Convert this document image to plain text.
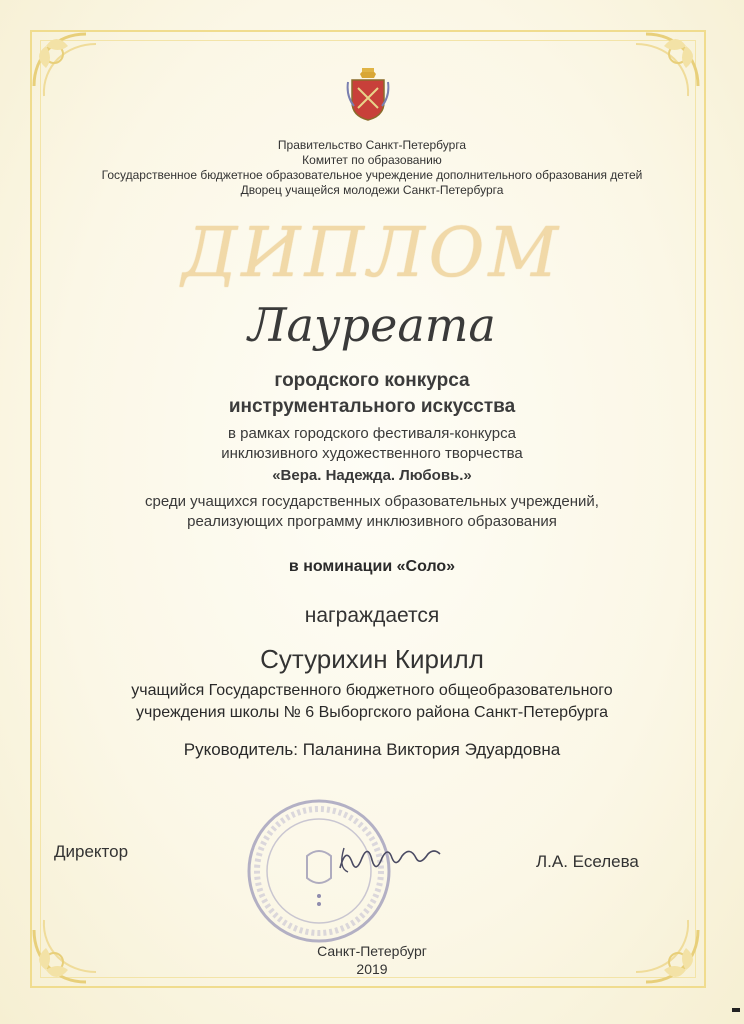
Правительство Санкт-Петербурга
Комитет по образованию
Государственное бюджетное образовательное учреждение дополнительного образования детей
Дворец учащейся молодежи Санкт-Петербурга
ДИПЛОМ
Лауреата
городского конкурса
инструментального искусства
в рамках городского фестиваля-конкурса
инклюзивного художественного творчества
«Вера. Надежда. Любовь.»
среди учащихся государственных образовательных учреждений,
реализующих программу инклюзивного образования
в номинации «Соло»
награждается
Сутурихин Кирилл
учащийся Государственного бюджетного общеобразовательного
учреждения школы № 6 Выборгского района Санкт-Петербурга
Руководитель: Паланина Виктория Эдуардовна
Директор
Л.А. Еселева
Санкт-Петербург
2019
